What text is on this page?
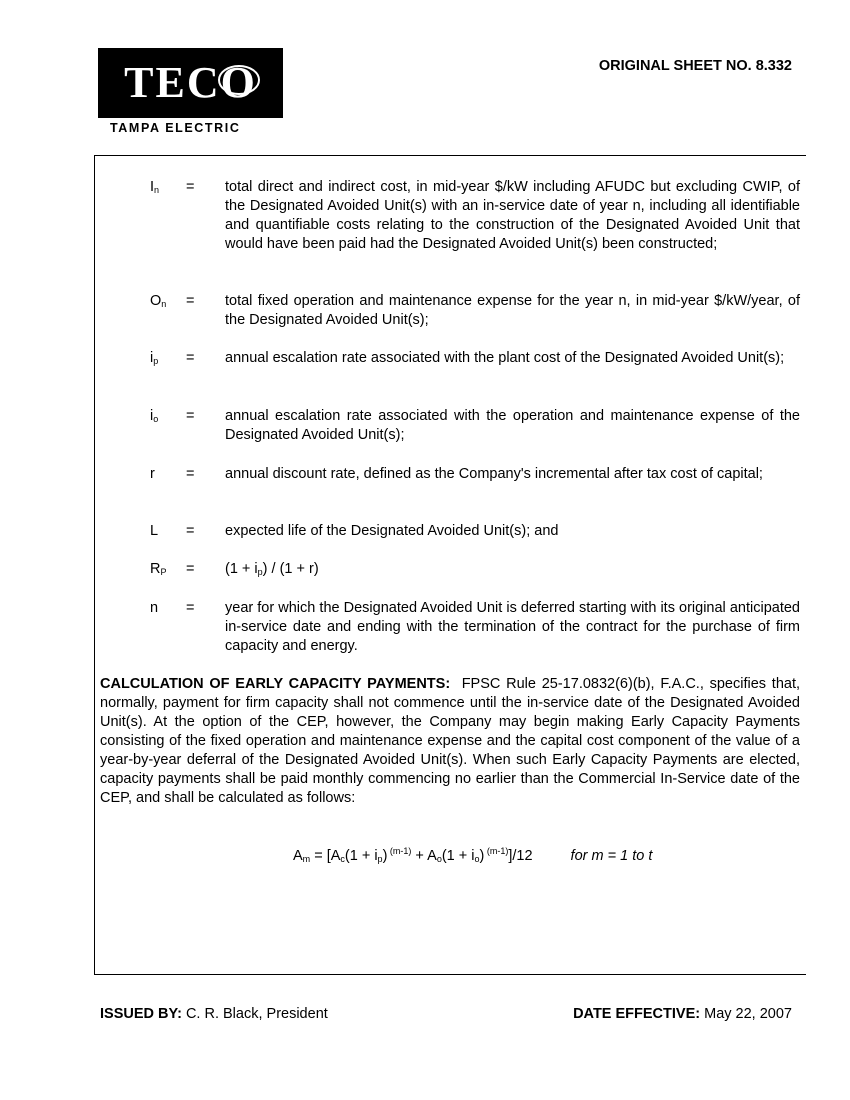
TECO
TAMPA ELECTRIC
ORIGINAL SHEET NO. 8.332
$I_n$ = total direct and indirect cost, in mid-year $/kW including AFUDC but excluding CWIP, of the Designated Avoided Unit(s) with an in-service date of year n, including all identifiable and quantifiable costs relating to the construction of the Designated Avoided Unit that would have been paid had the Designated Avoided Unit(s) been constructed;
$O_n$ = total fixed operation and maintenance expense for the year n, in mid-year $/kW/year, of the Designated Avoided Unit(s);
$i_p$ = annual escalation rate associated with the plant cost of the Designated Avoided Unit(s);
$i_o$ = annual escalation rate associated with the operation and maintenance expense of the Designated Avoided Unit(s);
r = annual discount rate, defined as the Company's incremental after tax cost of capital;
L = expected life of the Designated Avoided Unit(s); and
$R_P = (1 + i_p) / (1 + r)$
n = year for which the Designated Avoided Unit is deferred starting with its original anticipated in-service date and ending with the termination of the contract for the purchase of firm capacity and energy.
CALCULATION OF EARLY CAPACITY PAYMENTS: FPSC Rule 25-17.0832(6)(b), F.A.C., specifies that, normally, payment for firm capacity shall not commence until the in-service date of the Designated Avoided Unit(s). At the option of the CEP, however, the Company may begin making Early Capacity Payments consisting of the fixed operation and maintenance expense and the capital cost component of the value of a year-by-year deferral of the Designated Avoided Unit(s). When such Early Capacity Payments are elected, capacity payments shall be paid monthly commencing no earlier than the Commercial In-Service date of the CEP, and shall be calculated as follows:
$A_m = [A_c(1 + i_p) ^{(m-1)} + A_o(1 + i_o)$ $^{(m-1)}$]/12	for m = 1 to t
ISSUED BY: C. R. Black, President	DATE EFFECTIVE: May 22, 2007
